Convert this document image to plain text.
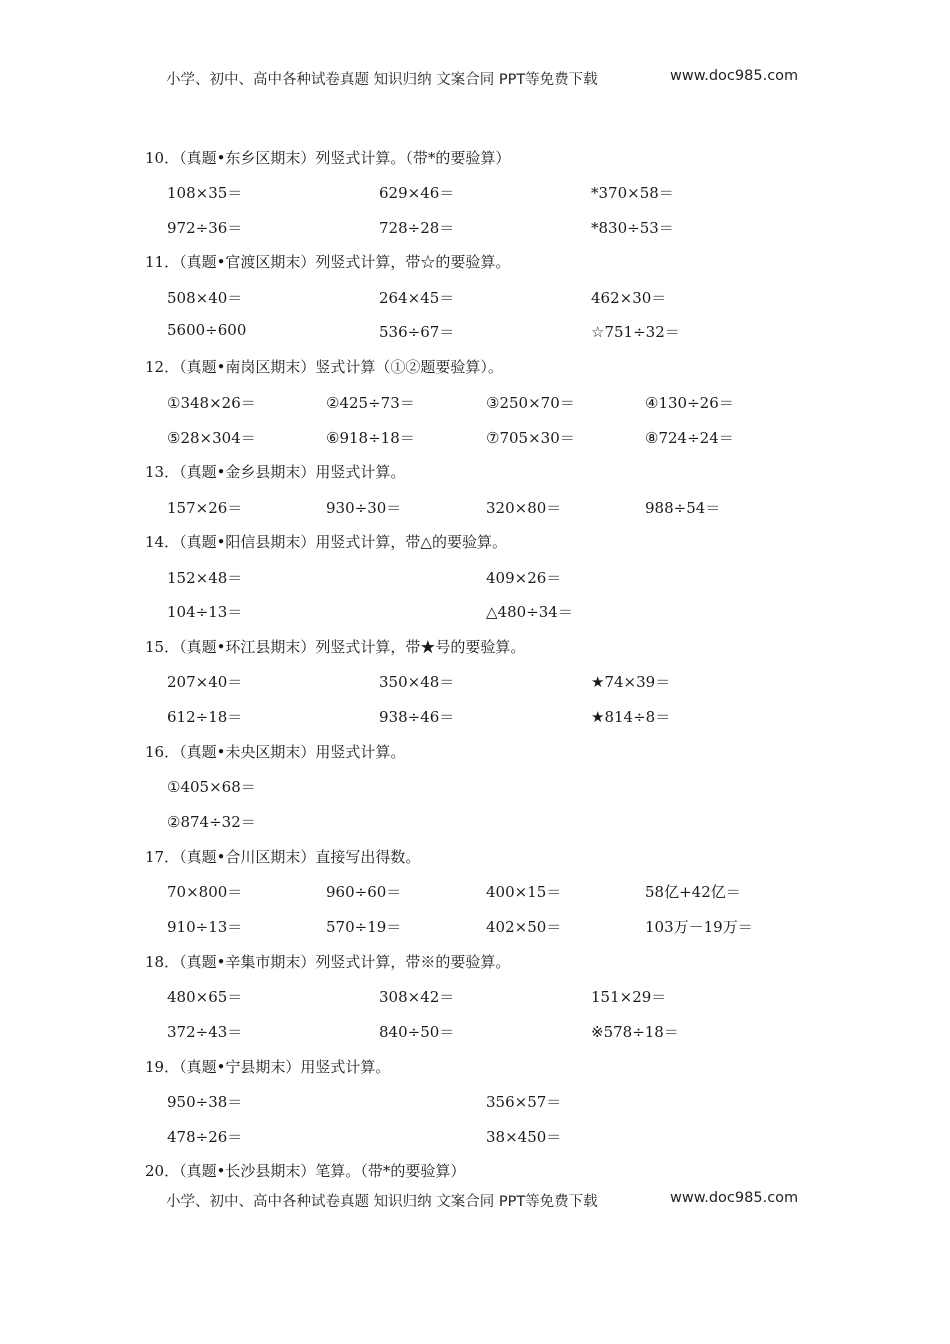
小学、初中、高中各种试卷真题 知识归纳 文案合同 PPT等免费下载	www.doc985.com
10．（真题•东乡区期末）列竖式计算。（带*的要验算）
108×35＝	629×46＝	*370×58＝
972÷36＝	728÷28＝	*830÷53＝
11．（真题•官渡区期末）列竖式计算，带☆的要验算。
508×40＝	264×45＝	462×30＝
5600÷600	536÷67＝	☆751÷32＝
12．（真题•南岗区期末）竖式计算（①②题要验算）。
①348×26＝	②425÷73＝	③250×70＝	④130÷26＝
⑤28×304＝	⑥918÷18＝	⑦705×30＝	⑧724÷24＝
13．（真题•金乡县期末）用竖式计算。
157×26＝	930÷30＝	320×80＝	988÷54＝
14．（真题•阳信县期末）用竖式计算，带△的要验算。
152×48＝	409×26＝
104÷13＝	△480÷34＝
15．（真题•环江县期末）列竖式计算，带★号的要验算。
207×40＝	350×48＝	★74×39＝
612÷18＝	938÷46＝	★814÷8＝
16．（真题•未央区期末）用竖式计算。
①405×68＝
②874÷32＝
17．（真题•合川区期末）直接写出得数。
70×800＝	960÷60＝	400×15＝	58亿+42亿＝
910÷13＝	570÷19＝	402×50＝	103万－19万＝
18．（真题•辛集市期末）列竖式计算，带※的要验算。
480×65＝	308×42＝	151×29＝
372÷43＝	840÷50＝	※578÷18＝
19．（真题•宁县期末）用竖式计算。
950÷38＝	356×57＝
478÷26＝	38×450＝
20．（真题•长沙县期末）笔算。（带*的要验算）
小学、初中、高中各种试卷真题 知识归纳 文案合同 PPT等免费下载	www.doc985.com
